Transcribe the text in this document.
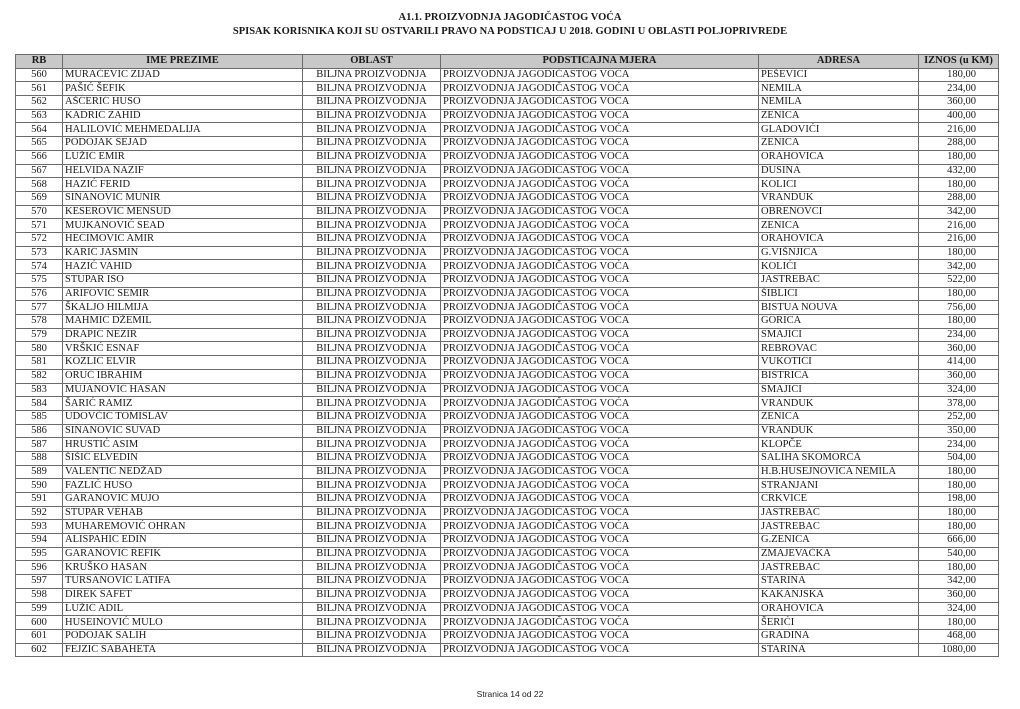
A1.1. PROIZVODNJA JAGODIČASTOG VOĆA
SPISAK KORISNIKA KOJI SU OSTVARILI PRAVO NA PODSTICAJ U 2018. GODINI U OBLASTI POLJOPRIVREDE
RB	IME PREZIME	OBLAST	PODSTICAJNA MJERA	ADRESA	IZNOS (u KM)
560	MURAČEVIC ZIJAD	BILJNA PROIZVODNJA	PROIZVODNJA JAGODIČASTOG VOĆA	PEŠEVICI	180,00
561	PAŠIĆ ŠEFIK	BILJNA PROIZVODNJA	PROIZVODNJA JAGODIČASTOG VOĆA	NEMILA	234,00
562	AŠĆERIĆ HUSO	BILJNA PROIZVODNJA	PROIZVODNJA JAGODIČASTOG VOĆA	NEMILA	360,00
563	KADRIĆ ZAHID	BILJNA PROIZVODNJA	PROIZVODNJA JAGODIČASTOG VOĆA	ZENICA	400,00
564	HALILOVIĆ MEHMEDALIJA	BILJNA PROIZVODNJA	PROIZVODNJA JAGODIČASTOG VOĆA	GLADOVIĆI	216,00
565	PODOJAK SEJAD	BILJNA PROIZVODNJA	PROIZVODNJA JAGODIČASTOG VOĆA	ZENICA	288,00
566	LUŽIĆ EMIR	BILJNA PROIZVODNJA	PROIZVODNJA JAGODIČASTOG VOĆA	ORAHOVICA	180,00
567	HELVIDA NAZIF	BILJNA PROIZVODNJA	PROIZVODNJA JAGODIČASTOG VOĆA	DUSINA	432,00
568	HAZIĆ FERID	BILJNA PROIZVODNJA	PROIZVODNJA JAGODIČASTOG VOĆA	KOLICI	180,00
569	SINANOVIĆ MUNIR	BILJNA PROIZVODNJA	PROIZVODNJA JAGODIČASTOG VOĆA	VRANDUK	288,00
570	KESEROVIĆ MENSUD	BILJNA PROIZVODNJA	PROIZVODNJA JAGODIČASTOG VOĆA	OBRENOVCI	342,00
571	MUJKANOVIĆ SEAD	BILJNA PROIZVODNJA	PROIZVODNJA JAGODIČASTOG VOĆA	ZENICA	216,00
572	HEĆIMOVIĆ AMIR	BILJNA PROIZVODNJA	PROIZVODNJA JAGODIČASTOG VOĆA	ORAHOVICA	216,00
573	KARIĆ JASMIN	BILJNA PROIZVODNJA	PROIZVODNJA JAGODIČASTOG VOĆA	G.VIŠNJICA	180,00
574	HAZIĆ VAHID	BILJNA PROIZVODNJA	PROIZVODNJA JAGODIČASTOG VOĆA	KOLIĆI	342,00
575	STUPAR ISO	BILJNA PROIZVODNJA	PROIZVODNJA JAGODIČASTOG VOĆA	JASTREBAC	522,00
576	ARIFOVIĆ SEMIR	BILJNA PROIZVODNJA	PROIZVODNJA JAGODIČASTOG VOĆA	ŠIBLIĆI	180,00
577	ŠKALJO HILMIJA	BILJNA PROIZVODNJA	PROIZVODNJA JAGODIČASTOG VOĆA	BISTUA NOUVA	756,00
578	MAHMIĆ DŽEMIL	BILJNA PROIZVODNJA	PROIZVODNJA JAGODIČASTOG VOĆA	GORICA	180,00
579	DRAPIĆ NEZIR	BILJNA PROIZVODNJA	PROIZVODNJA JAGODIČASTOG VOĆA	SMAJIĆI	234,00
580	VRŠKIĆ ESNAF	BILJNA PROIZVODNJA	PROIZVODNJA JAGODIČASTOG VOĆA	REBROVAC	360,00
581	KOZLIĆ ELVIR	BILJNA PROIZVODNJA	PROIZVODNJA JAGODIČASTOG VOĆA	VUKOTIĆI	414,00
582	ORUČ IBRAHIM	BILJNA PROIZVODNJA	PROIZVODNJA JAGODIČASTOG VOĆA	BISTRICA	360,00
583	MUJANOVIĆ HASAN	BILJNA PROIZVODNJA	PROIZVODNJA JAGODIČASTOG VOĆA	SMAJIĆI	324,00
584	ŠARIĆ RAMIZ	BILJNA PROIZVODNJA	PROIZVODNJA JAGODIČASTOG VOĆA	VRANDUK	378,00
585	UDOVČIĆ TOMISLAV	BILJNA PROIZVODNJA	PROIZVODNJA JAGODIČASTOG VOĆA	ZENICA	252,00
586	SINANOVIĆ SUVAD	BILJNA PROIZVODNJA	PROIZVODNJA JAGODIČASTOG VOĆA	VRANDUK	350,00
587	HRUSTIĆ ASIM	BILJNA PROIZVODNJA	PROIZVODNJA JAGODIČASTOG VOĆA	KLOPČE	234,00
588	ŠIŠIĆ ELVEDIN	BILJNA PROIZVODNJA	PROIZVODNJA JAGODIČASTOG VOĆA	SALIHA SKOMORCA	504,00
589	VALENTIĆ NEDŽAD	BILJNA PROIZVODNJA	PROIZVODNJA JAGODIČASTOG VOĆA	H.B.HUSEJNOVICA NEMILA	180,00
590	FAZLIĆ HUSO	BILJNA PROIZVODNJA	PROIZVODNJA JAGODIČASTOG VOĆA	STRANJANI	180,00
591	GARANOVIĆ MUJO	BILJNA PROIZVODNJA	PROIZVODNJA JAGODIČASTOG VOĆA	CRKVICE	198,00
592	STUPAR VEHAB	BILJNA PROIZVODNJA	PROIZVODNJA JAGODIČASTOG VOĆA	JASTREBAC	180,00
593	MUHAREMOVIĆ OHRAN	BILJNA PROIZVODNJA	PROIZVODNJA JAGODIČASTOG VOĆA	JASTREBAC	180,00
594	ALISPAHIĆ EDIN	BILJNA PROIZVODNJA	PROIZVODNJA JAGODIČASTOG VOĆA	G.ZENICA	666,00
595	GARANOVIĆ REFIK	BILJNA PROIZVODNJA	PROIZVODNJA JAGODIČASTOG VOĆA	ZMAJEVAČKA	540,00
596	KRUŠKO HASAN	BILJNA PROIZVODNJA	PROIZVODNJA JAGODIČASTOG VOĆA	JASTREBAC	180,00
597	TURSANOVIĆ LATIFA	BILJNA PROIZVODNJA	PROIZVODNJA JAGODIČASTOG VOĆA	STARINA	342,00
598	DIREK SAFET	BILJNA PROIZVODNJA	PROIZVODNJA JAGODIČASTOG VOĆA	KAKANJSKA	360,00
599	LUŽIĆ ADIL	BILJNA PROIZVODNJA	PROIZVODNJA JAGODIČASTOG VOĆA	ORAHOVICA	324,00
600	HUSEINOVIĆ MULO	BILJNA PROIZVODNJA	PROIZVODNJA JAGODIČASTOG VOĆA	ŠERIĆI	180,00
601	PODOJAK SALIH	BILJNA PROIZVODNJA	PROIZVODNJA JAGODIČASTOG VOĆA	GRADINA	468,00
602	FEJZIĆ SABAHETA	BILJNA PROIZVODNJA	PROIZVODNJA JAGODIČASTOG VOĆA	STARINA	1080,00
Stranica 14 od 22
